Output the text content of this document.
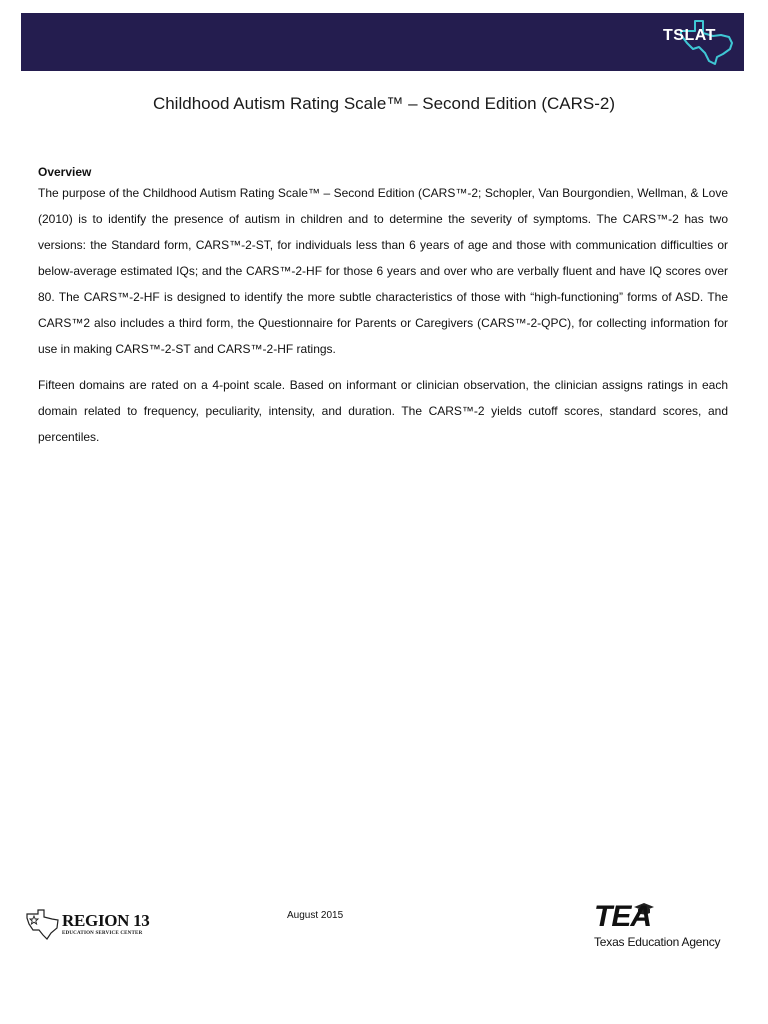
TSLAT
Childhood Autism Rating Scale™ – Second Edition (CARS-2)
Overview

The purpose of the Childhood Autism Rating Scale™ – Second Edition (CARS™-2; Schopler, Van Bourgondien, Wellman, & Love (2010) is to identify the presence of autism in children and to determine the severity of symptoms. The CARS™-2 has two versions: the Standard form, CARS™-2-ST, for individuals less than 6 years of age and those with communication difficulties or below-average estimated IQs; and the CARS™-2-HF for those 6 years and over who are verbally fluent and have IQ scores over 80. The CARS™-2-HF is designed to identify the more subtle characteristics of those with “high-functioning” forms of ASD. The CARS™2 also includes a third form, the Questionnaire for Parents or Caregivers (CARS™-2-QPC), for collecting information for use in making CARS™-2-ST and CARS™-2-HF ratings.

Fifteen domains are rated on a 4-point scale. Based on informant or clinician observation, the clinician assigns ratings in each domain related to frequency, peculiarity, intensity, and duration. The CARS™-2 yields cutoff scores, standard scores, and percentiles.

REGION 13
EDUCATION SERVICE CENTER
August 2015	TEA
Texas Education Agency
